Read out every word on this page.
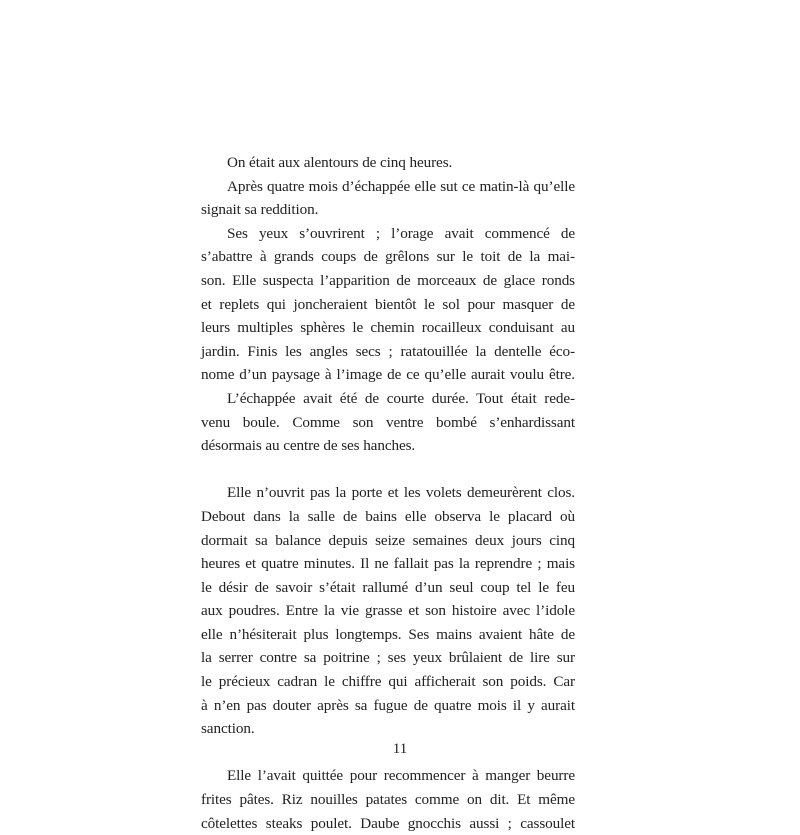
On était aux alentours de cinq heures.
Après quatre mois d’échappée elle sut ce matin-là qu’elle
signait sa reddition.
Ses yeux s’ouvrirent ; l’orage avait commencé de
s’abattre à grands coups de grêlons sur le toit de la mai-
son. Elle suspecta l’apparition de morceaux de glace ronds
et replets qui joncheraient bientôt le sol pour masquer de
leurs multiples sphères le chemin rocailleux conduisant au
jardin. Finis les angles secs ; ratatouillée la dentelle éco-
nome d’un paysage à l’image de ce qu’elle aurait voulu être.
L’échappée avait été de courte durée. Tout était rede-
venu boule. Comme son ventre bombé s’enhardissant
désormais au centre de ses hanches.
Elle n’ouvrit pas la porte et les volets demeurèrent clos.
Debout dans la salle de bains elle observa le placard où
dormait sa balance depuis seize semaines deux jours cinq
heures et quatre minutes. Il ne fallait pas la reprendre ; mais
le désir de savoir s’était rallumé d’un seul coup tel le feu
aux poudres. Entre la vie grasse et son histoire avec l’idole
elle n’hésiterait plus longtemps. Ses mains avaient hâte de
la serrer contre sa poitrine ; ses yeux brûlaient de lire sur
le précieux cadran le chiffre qui afficherait son poids. Car
à n’en pas douter après sa fugue de quatre mois il y aurait
sanction.
Elle l’avait quittée pour recommencer à manger beurre
frites pâtes. Riz nouilles patates comme on dit. Et même
côtelettes steaks poulet. Daube gnocchis aussi ; cassoulet
11
